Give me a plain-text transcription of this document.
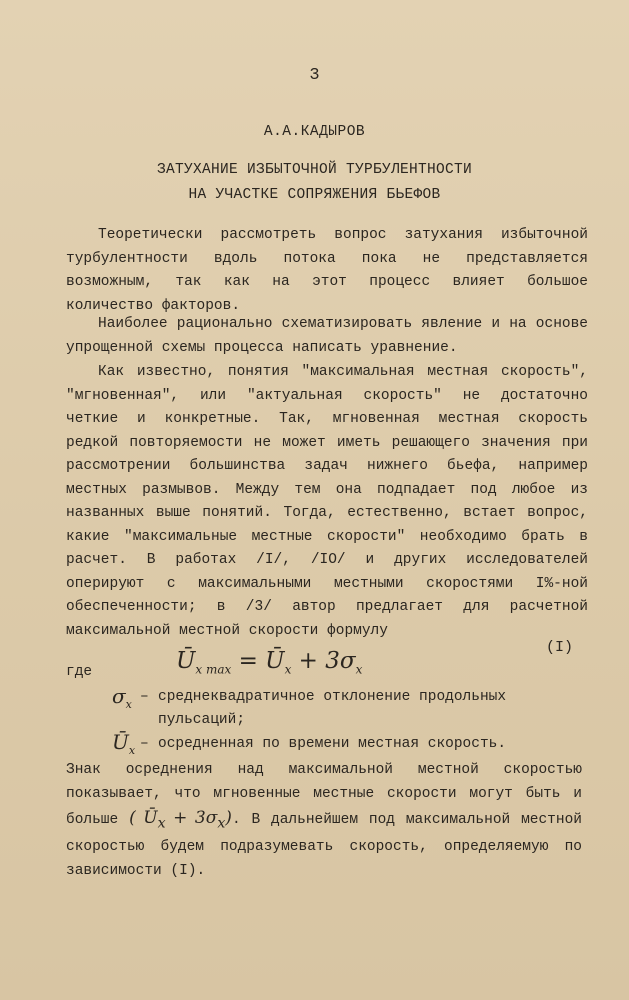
3
А.А.КАДЫРОВ
ЗАТУХАНИЕ ИЗБЫТОЧНОЙ ТУРБУЛЕНТНОСТИ
НА УЧАСТКЕ СОПРЯЖЕНИЯ БЬЕФОВ

Теоретически рассмотреть вопрос затухания избыточной турбулентности вдоль потока пока не представляется возможным, так как на этот процесс влияет большое количество факторов.

Наиболее рационально схематизировать явление и на основе упрощенной схемы процесса написать уравнение.

Как известно, понятия "максимальная местная скорость", "мгновенная", или "актуальная скорость" не достаточно четкие и конкретные. Так, мгновенная местная скорость редкой повторяемости не может иметь решающего значения при рассмотрении большинства задач нижнего бьефа, например местных размывов. Между тем она подпадает под любое из названных выше понятий. Тогда, естественно, встает вопрос, какие "максимальные местные скорости" необходимо брать в расчет. В работах /I/, /IO/ и других исследователей оперируют с максимальными местными скоростями I%-ной обеспеченности; в /3/ автор предлагает для расчетной максимальной местной скорости формулу

(I)
где	$Ū_{x max}$ = $Ū_x + 3\sigma_x$
$\sigma_x$ – среднеквадратичное отклонение продольных
пульсаций;
$Ū_x$ – осредненная по времени местная скорость.
Знак осреднения над максимальной местной скоростью показывает, что мгновенные местные скорости могут быть и больше ( $Ū_x + 3\sigma_x$). В дальнейшем под максимальной местной скоростью будем подразумевать скорость, определяемую по зависимости (I).
